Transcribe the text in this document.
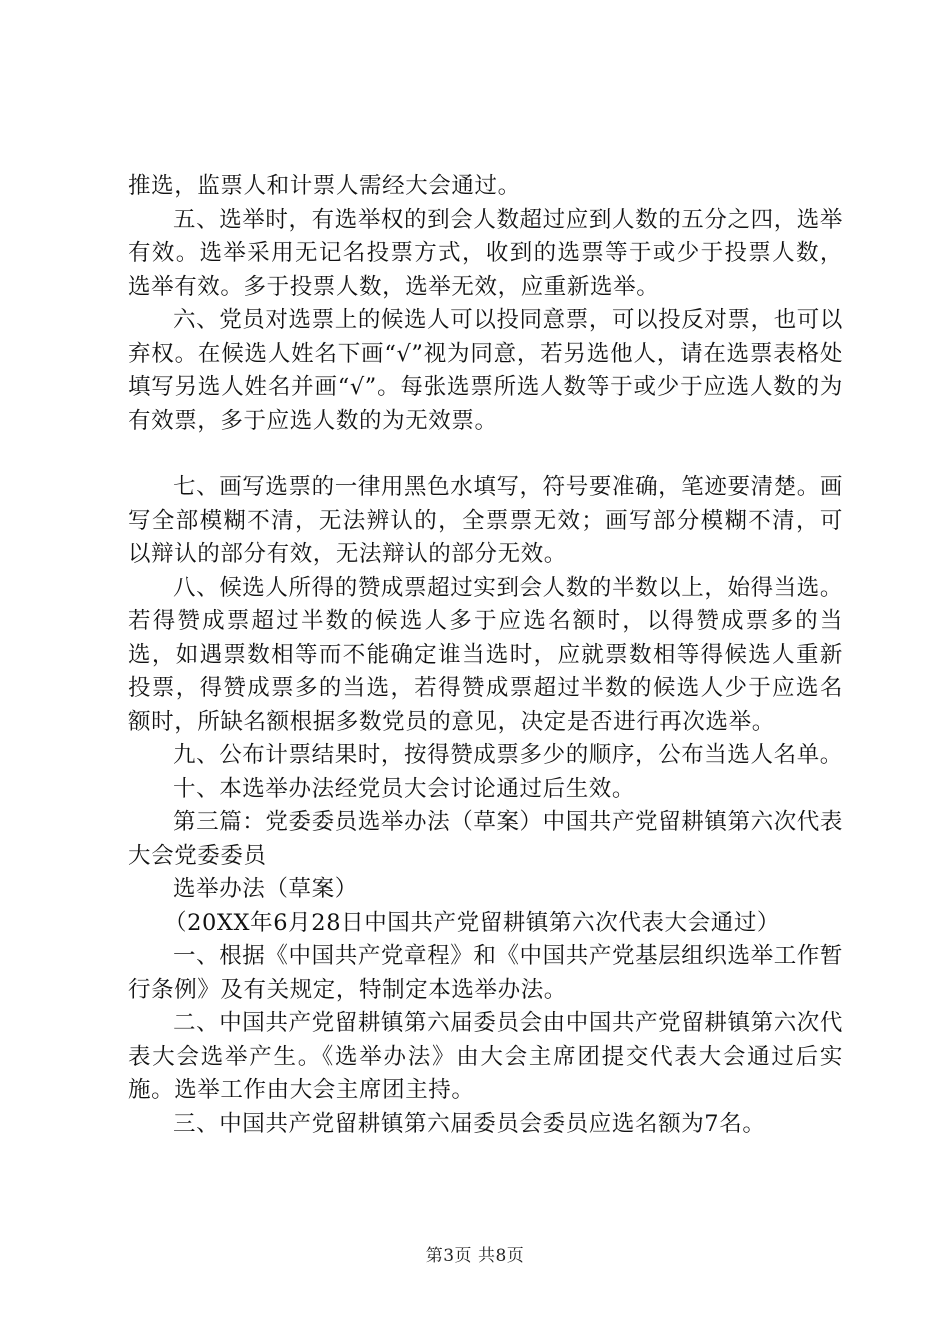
推选，监票人和计票人需经大会通过。

五、选举时，有选举权的到会人数超过应到人数的五分之四，选举有效。选举采用无记名投票方式，收到的选票等于或少于投票人数，选举有效。多于投票人数，选举无效，应重新选举。

六、党员对选票上的候选人可以投同意票，可以投反对票，也可以弃权。在候选人姓名下画“√”视为同意，若另选他人，请在选票表格处填写另选人姓名并画“√”。每张选票所选人数等于或少于应选人数的为有效票，多于应选人数的为无效票。

七、画写选票的一律用黑色水填写，符号要准确，笔迹要清楚。画写全部模糊不清，无法辨认的，全票票无效；画写部分模糊不清，可以辩认的部分有效，无法辩认的部分无效。

八、候选人所得的赞成票超过实到会人数的半数以上，始得当选。若得赞成票超过半数的候选人多于应选名额时，以得赞成票多的当选，如遇票数相等而不能确定谁当选时，应就票数相等得候选人重新投票，得赞成票多的当选，若得赞成票超过半数的候选人少于应选名额时，所缺名额根据多数党员的意见，决定是否进行再次选举。

九、公布计票结果时，按得赞成票多少的顺序，公布当选人名单。

十、本选举办法经党员大会讨论通过后生效。

第三篇：党委委员选举办法（草案）中国共产党留耕镇第六次代表大会党委委员

选举办法（草案）

（20XX年6月28日中国共产党留耕镇第六次代表大会通过）

一、根据《中国共产党章程》和《中国共产党基层组织选举工作暂行条例》及有关规定，特制定本选举办法。

二、中国共产党留耕镇第六届委员会由中国共产党留耕镇第六次代表大会选举产生。《选举办法》由大会主席团提交代表大会通过后实施。选举工作由大会主席团主持。

三、中国共产党留耕镇第六届委员会委员应选名额为7名。

第3页 共8页
